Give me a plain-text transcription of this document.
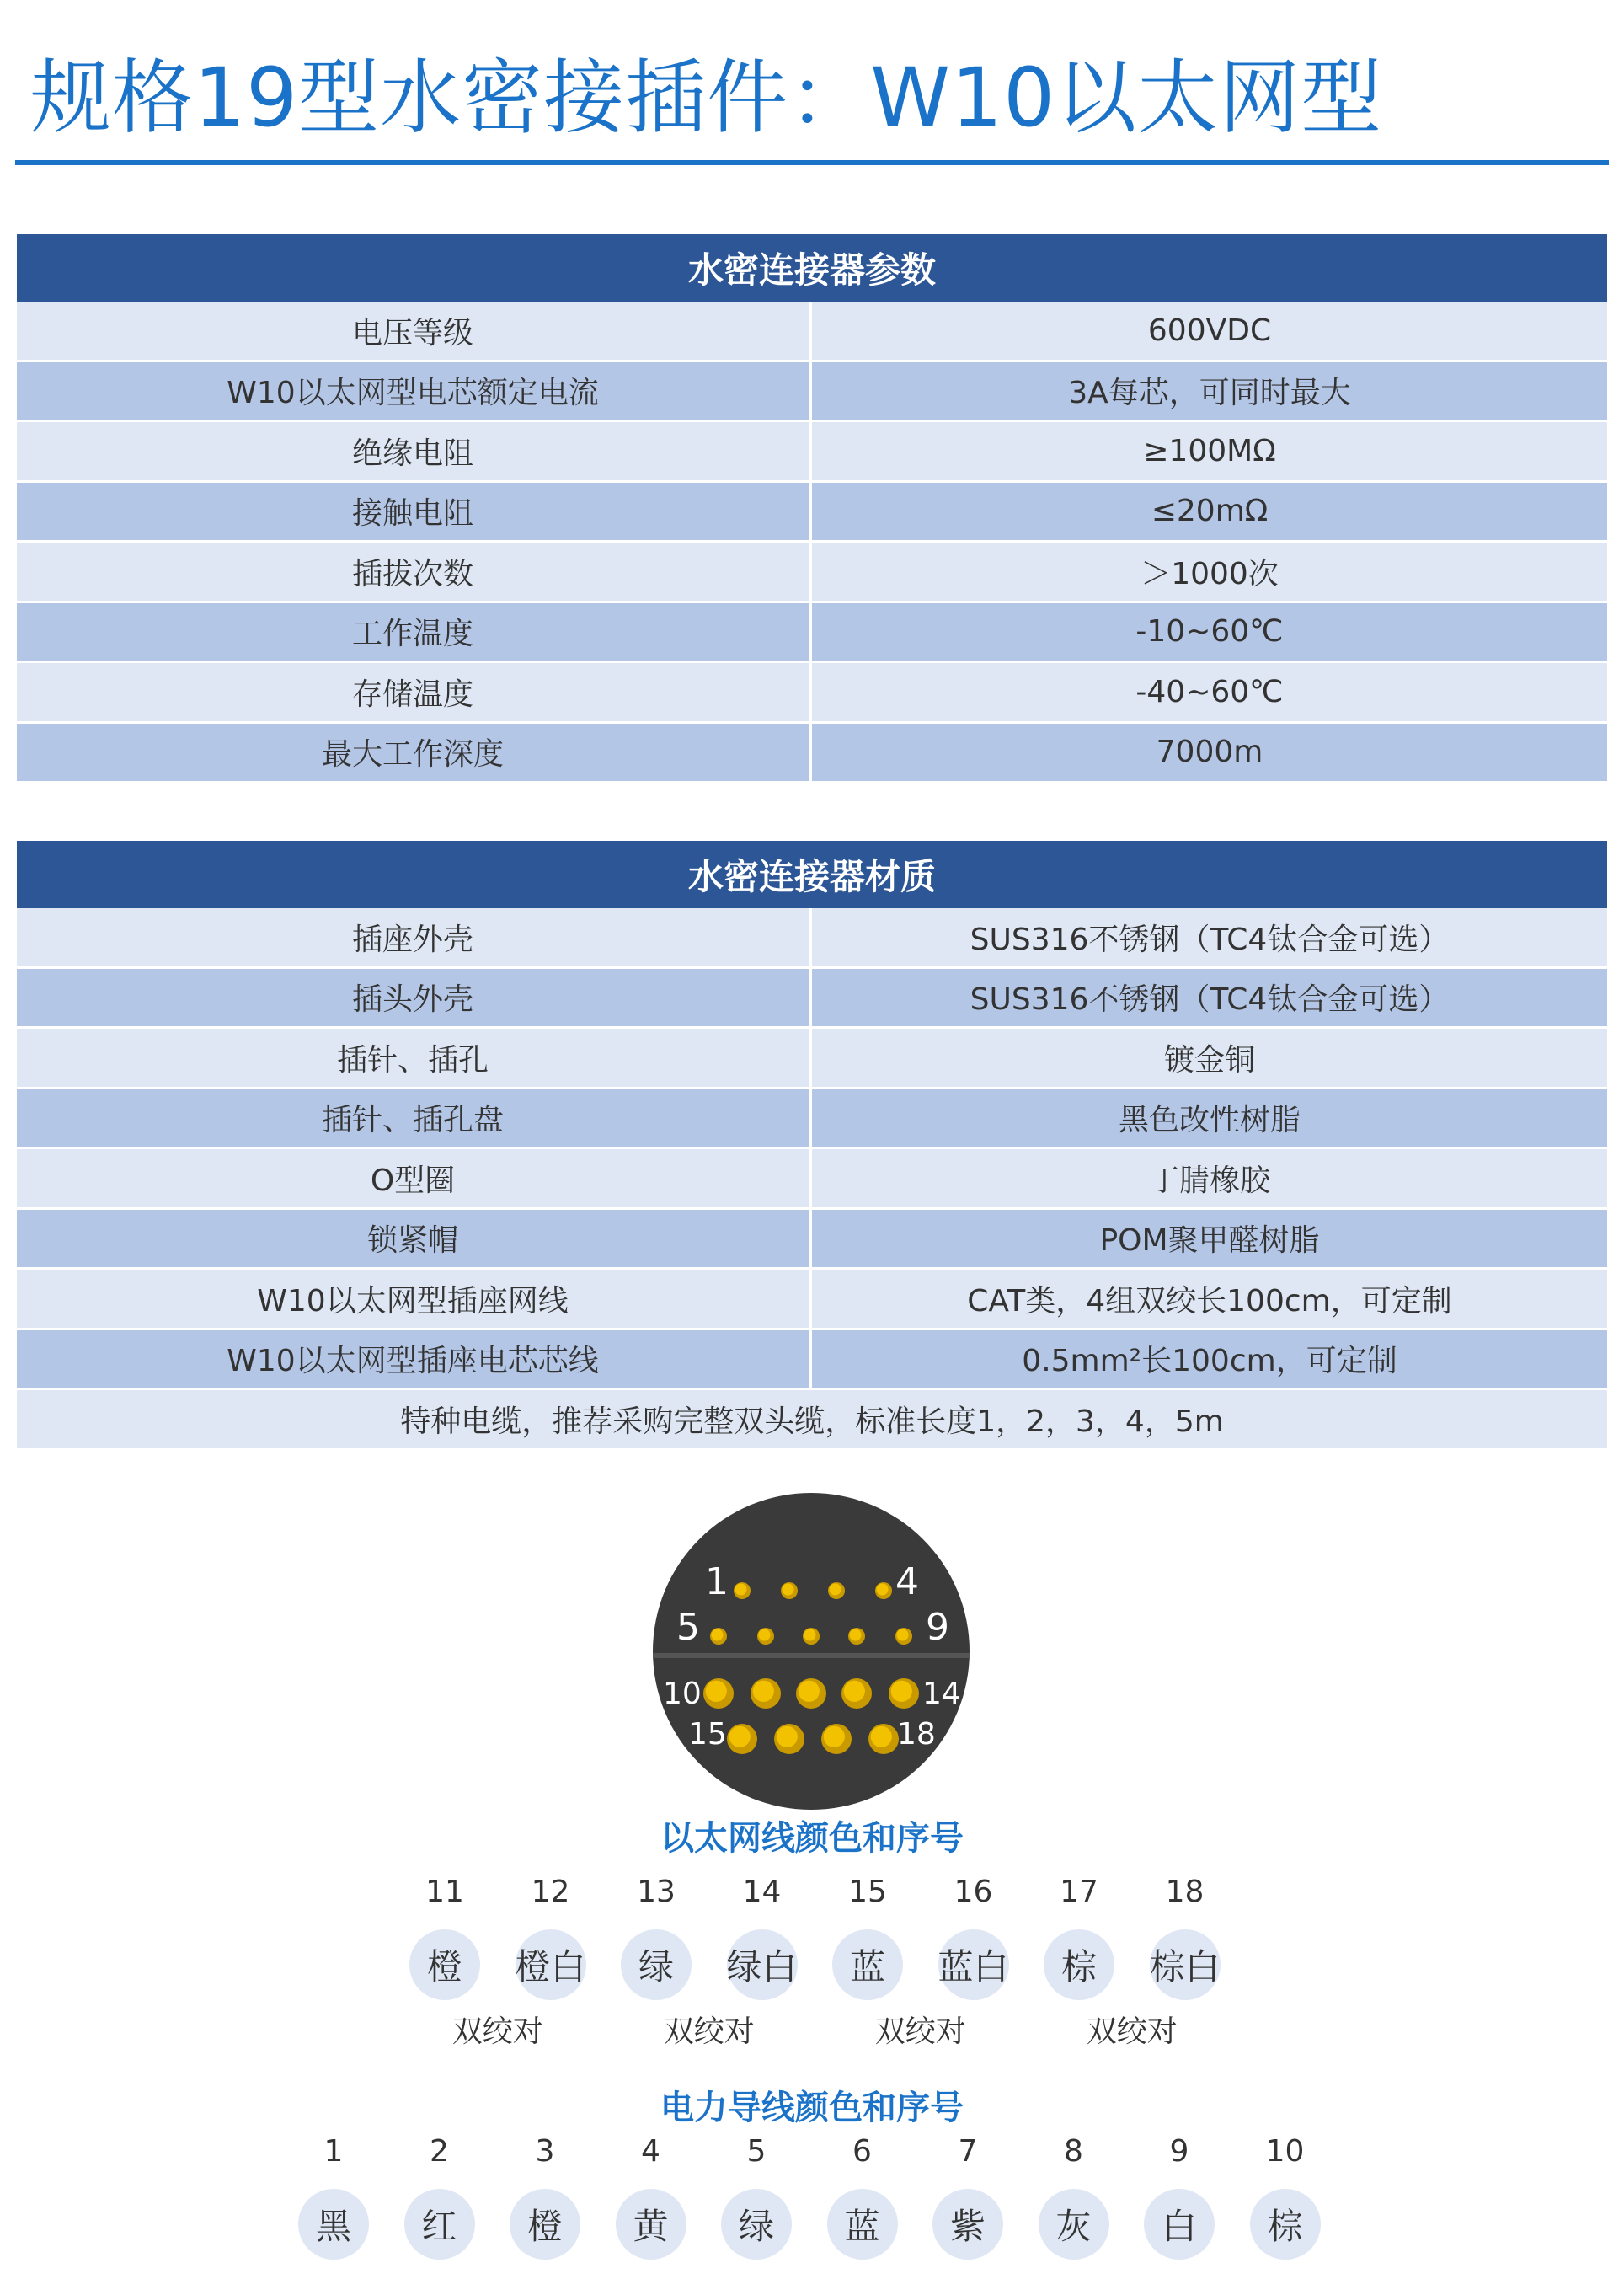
规格19型水密接插件：W10以太网型
水密连接器参数
电压等级	600VDC
W10以太网型电芯额定电流	3A每芯，可同时最大
绝缘电阻	≥100MΩ
接触电阻	≤20mΩ
插拔次数	＞1000次
工作温度	-10~60℃
存储温度	-40~60℃
最大工作深度	7000m
水密连接器材质
插座外壳	SUS316不锈钢（TC4钛合金可选）
插头外壳	SUS316不锈钢（TC4钛合金可选）
插针、插孔	镀金铜
插针、插孔盘	黑色改性树脂
O型圈	丁腈橡胶
锁紧帽	POM聚甲醛树脂
W10以太网型插座网线	CAT类，4组双绞长100cm，可定制
W10以太网型插座电芯芯线	0.5mm²长100cm，可定制
特种电缆，推荐采购完整双头缆，标准长度1，2，3，4，5m
1	4
5	9
10	14
15	18
以太网线颜色和序号
11
橙
12
橙白
13
绿
14
绿白
15
蓝
16
蓝白
17
棕
18
棕白
双绞对	双绞对	双绞对	双绞对
电力导线颜色和序号
1
黑
2
红
3
橙
4
黄
5
绿
6
蓝
7
紫
8
灰
9
白
10
棕
